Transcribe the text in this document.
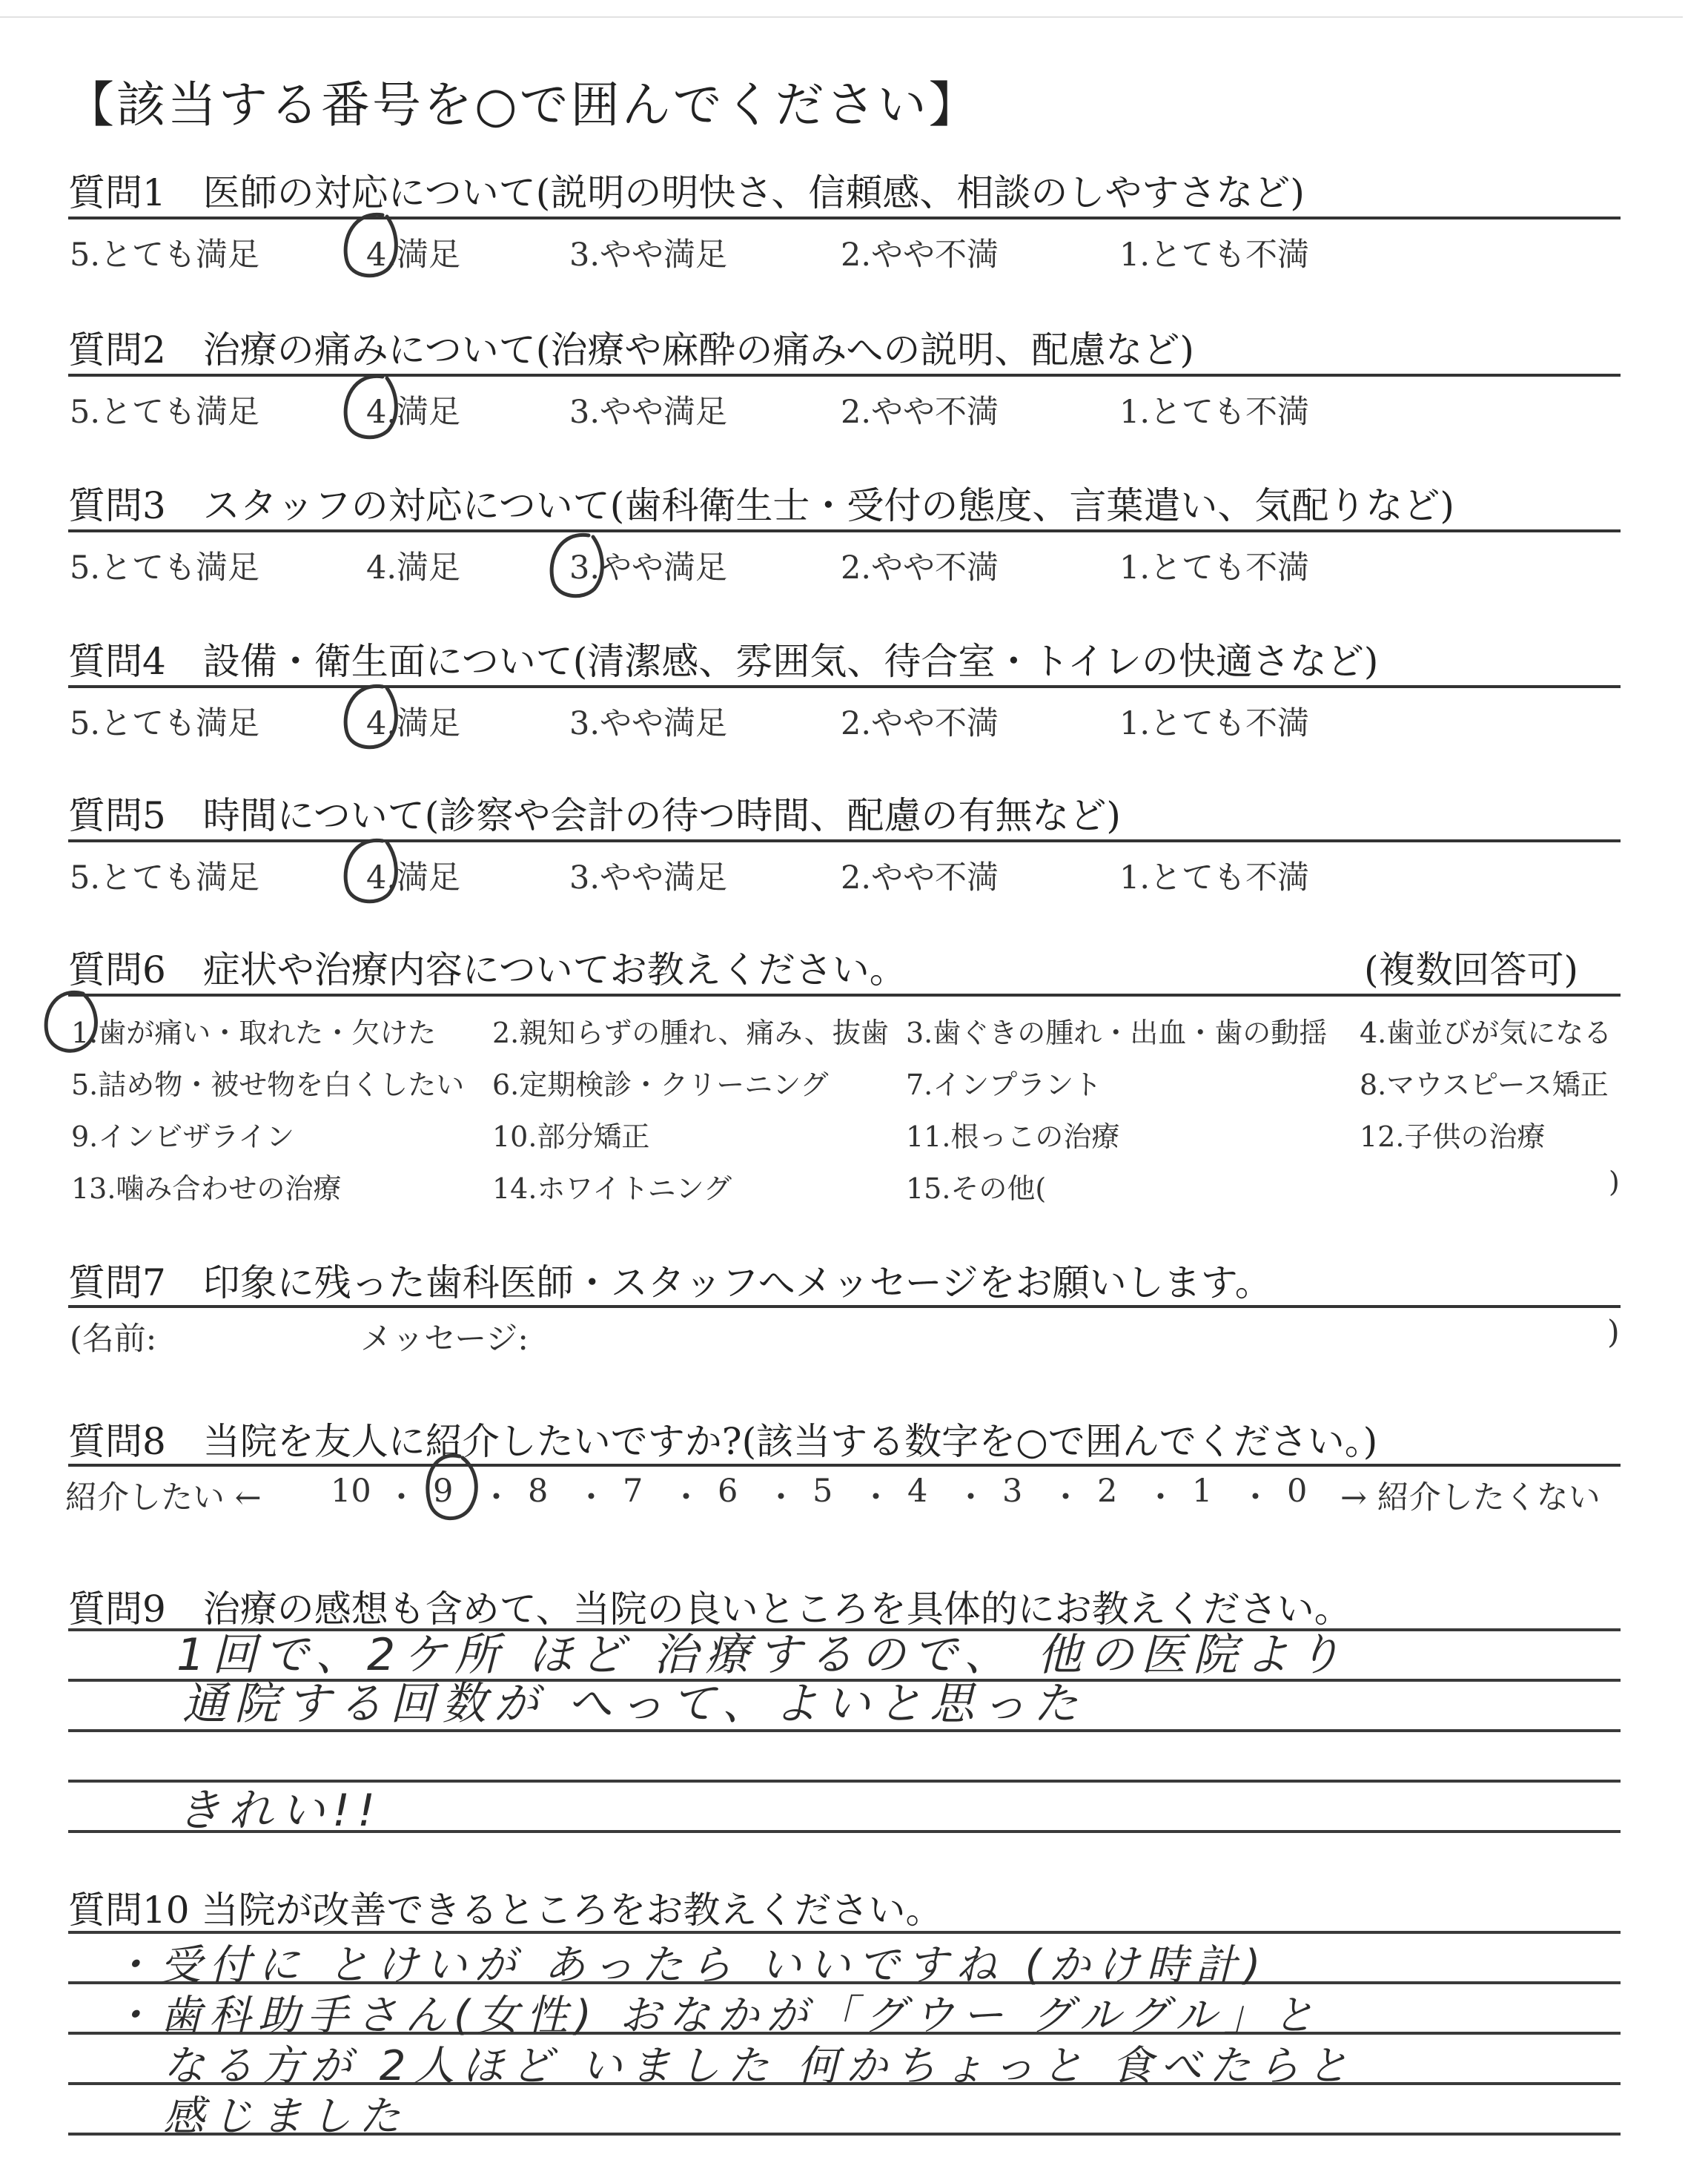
【該当する番号を○で囲んでください】
質問1　医師の対応について(説明の明快さ、信頼感、相談のしやすさなど)
5.とても満足	4.満足	3.やや満足	2.やや不満	1.とても不満
質問2　治療の痛みについて(治療や麻酔の痛みへの説明、配慮など)
5.とても満足	4.満足	3.やや満足	2.やや不満	1.とても不満
質問3　スタッフの対応について(歯科衛生士・受付の態度、言葉遣い、気配りなど)
5.とても満足	4.満足	3.やや満足	2.やや不満	1.とても不満
質問4　設備・衛生面について(清潔感、雰囲気、待合室・トイレの快適さなど)
5.とても満足	4.満足	3.やや満足	2.やや不満	1.とても不満
質問5　時間について(診察や会計の待つ時間、配慮の有無など)
5.とても満足	4.満足	3.やや満足	2.やや不満	1.とても不満
質問6　症状や治療内容についてお教えください。	(複数回答可)
1.歯が痛い・取れた・欠けた 2.親知らずの腫れ、痛み、抜歯 3.歯ぐきの腫れ・出血・歯の動揺 4.歯並びが気になる
5.詰め物・被せ物を白くしたい 6.定期検診・クリーニング	7.インプラント	8.マウスピース矯正
9.インビザライン	10.部分矯正	11.根っこの治療	12.子供の治療
13.噛み合わせの治療	14.ホワイトニング	15.その他(	)
質問7　印象に残った歯科医師・スタッフへメッセージをお願いします。
(名前:	メッセージ:	)
質問8　当院を友人に紹介したいですか?(該当する数字を○で囲んでください。)
紹介したい ← 10 ・ 9 ・ 8 ・ 7 ・ 6 ・ 5 ・ 4 ・ 3 ・ 2 ・ 1 ・ 0 → 紹介したくない
質問9　治療の感想も含めて、当院の良いところを具体的にお教えください。
1回で、2ケ所 ほど 治療するので、 他の医院より
通院する回数が へって、よいと思った
きれい!!
質問10 当院が改善できるところをお教えください。
・受付に とけいが あったら いいですね (かけ時計)
・歯科助手さん(女性) おなかが「グウー グルグル」と
なる方が 2人ほど いました 何かちょっと 食べたらと
感じました
